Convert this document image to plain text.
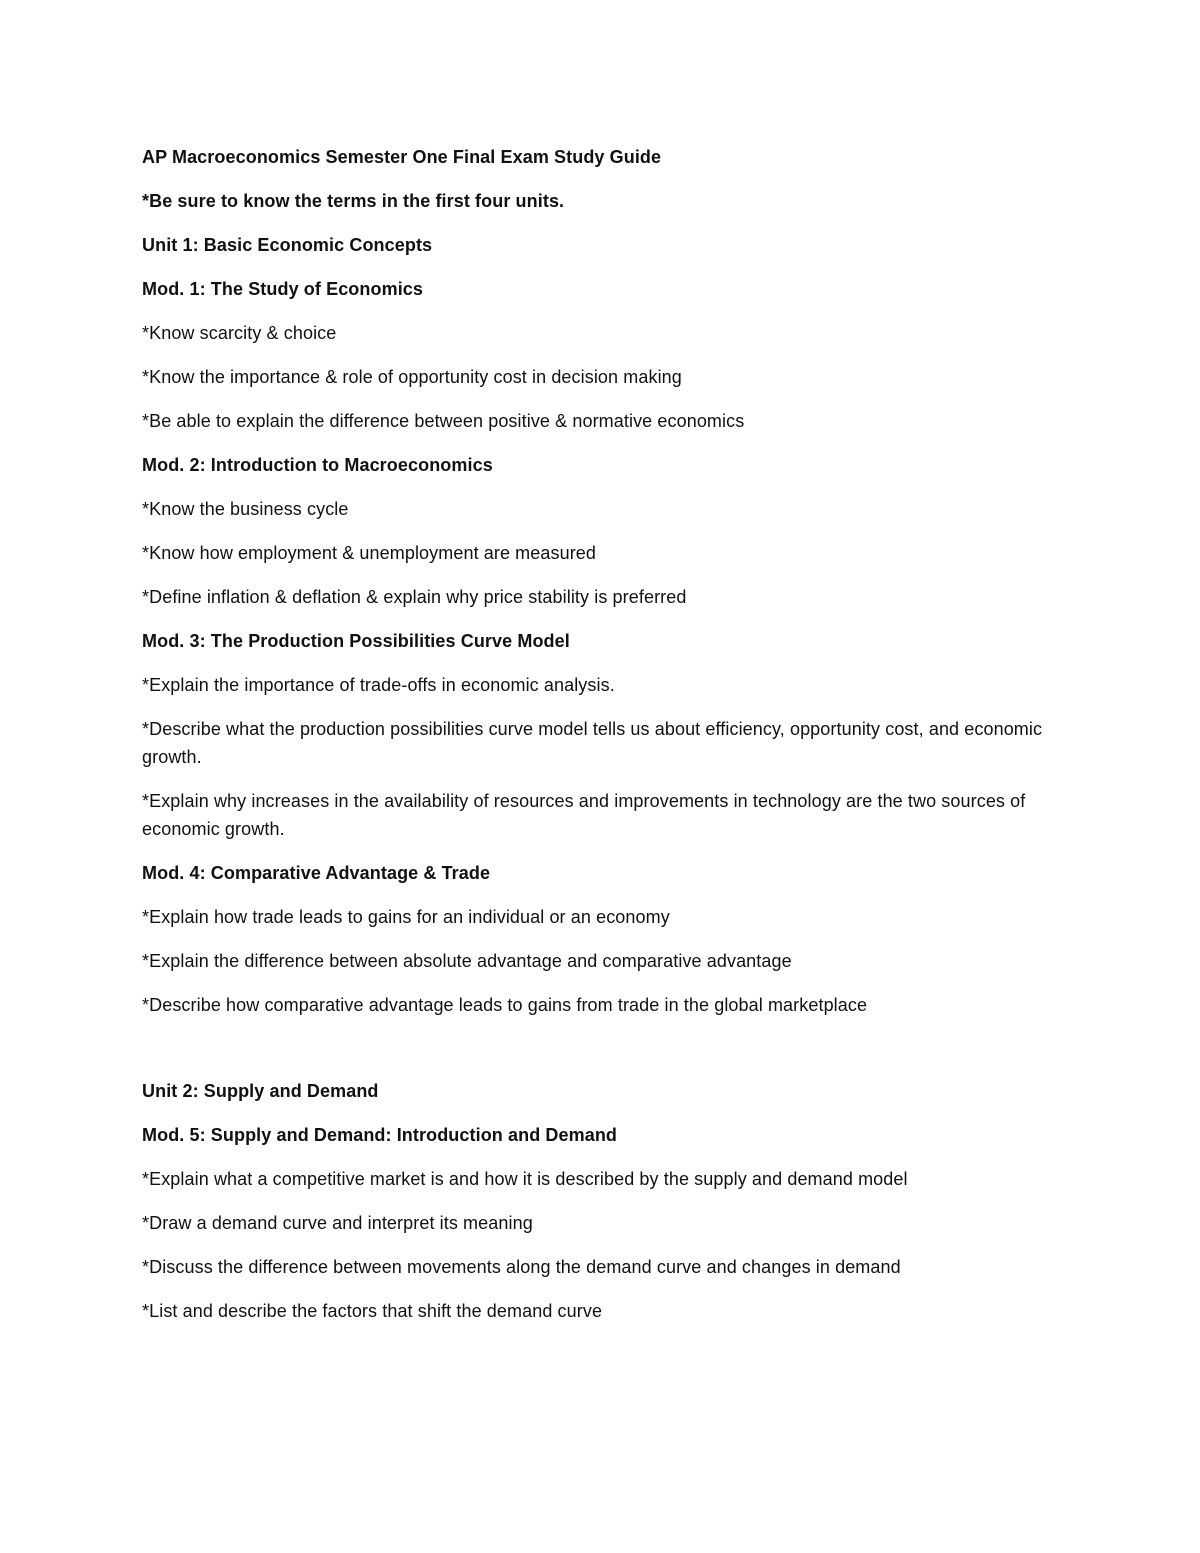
AP Macroeconomics Semester One Final Exam Study Guide

*Be sure to know the terms in the first four units.

Unit 1: Basic Economic Concepts

Mod. 1: The Study of Economics

*Know scarcity & choice

*Know the importance & role of opportunity cost in decision making

*Be able to explain the difference between positive & normative economics

Mod. 2: Introduction to Macroeconomics

*Know the business cycle

*Know how employment & unemployment are measured

*Define inflation & deflation & explain why price stability is preferred

Mod. 3: The Production Possibilities Curve Model

*Explain the importance of trade-offs in economic analysis.

*Describe what the production possibilities curve model tells us about efficiency, opportunity cost, and economic growth.

*Explain why increases in the availability of resources and improvements in technology are the two sources of economic growth.

Mod. 4: Comparative Advantage & Trade

*Explain how trade leads to gains for an individual or an economy

*Explain the difference between absolute advantage and comparative advantage

*Describe how comparative advantage leads to gains from trade in the global marketplace

Unit 2: Supply and Demand

Mod. 5: Supply and Demand: Introduction and Demand

*Explain what a competitive market is and how it is described by the supply and demand model

*Draw a demand curve and interpret its meaning

*Discuss the difference between movements along the demand curve and changes in demand

*List and describe the factors that shift the demand curve
